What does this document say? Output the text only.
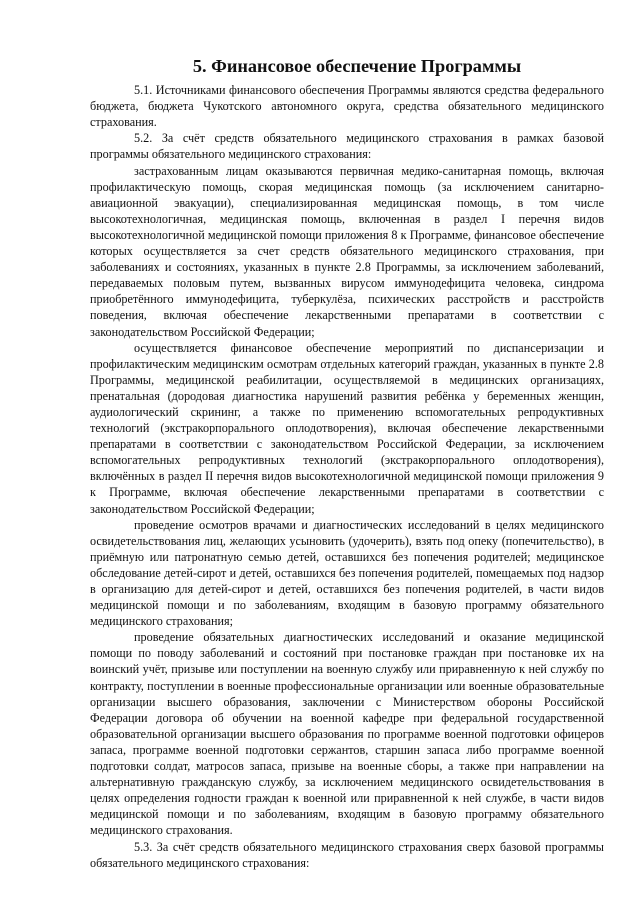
5. Финансовое обеспечение Программы

5.1. Источниками финансового обеспечения Программы являются средства федерального бюджета, бюджета Чукотского автономного округа, средства обязательного медицинского страхования.

5.2. За счёт средств обязательного медицинского страхования в рамках базовой программы обязательного медицинского страхования:

застрахованным лицам оказываются первичная медико-санитарная помощь, включая профилактическую помощь, скорая медицинская помощь (за исключением санитарно-авиационной эвакуации), специализированная медицинская помощь, в том числе высокотехнологичная, медицинская помощь, включенная в раздел I перечня видов высокотехнологичной медицинской помощи приложения 8 к Программе, финансовое обеспечение которых осуществляется за счет средств обязательного медицинского страхования, при заболеваниях и состояниях, указанных в пункте 2.8 Программы, за исключением заболеваний, передаваемых половым путем, вызванных вирусом иммунодефицита человека, синдрома приобретённого иммунодефицита, туберкулёза, психических расстройств и расстройств поведения, включая обеспечение лекарственными препаратами в соответствии с законодательством Российской Федерации;

осуществляется финансовое обеспечение мероприятий по диспансеризации и профилактическим медицинским осмотрам отдельных категорий граждан, указанных в пункте 2.8 Программы, медицинской реабилитации, осуществляемой в медицинских организациях, пренатальная (дородовая диагностика нарушений развития ребёнка у беременных женщин, аудиологический скрининг, а также по применению вспомогательных репродуктивных технологий (экстракорпорального оплодотворения), включая обеспечение лекарственными препаратами в соответствии с законодательством Российской Федерации, за исключением вспомогательных репродуктивных технологий (экстракорпорального оплодотворения), включённых в раздел II перечня видов высокотехнологичной медицинской помощи приложения 9 к Программе, включая обеспечение лекарственными препаратами в соответствии с законодательством Российской Федерации;

проведение осмотров врачами и диагностических исследований в целях медицинского освидетельствования лиц, желающих усыновить (удочерить), взять под опеку (попечительство), в приёмную или патронатную семью детей, оставшихся без попечения родителей; медицинское обследование детей-сирот и детей, оставшихся без попечения родителей, помещаемых под надзор в организацию для детей-сирот и детей, оставшихся без попечения родителей, в части видов медицинской помощи и по заболеваниям, входящим в базовую программу обязательного медицинского страхования;

проведение обязательных диагностических исследований и оказание медицинской помощи по поводу заболеваний и состояний при постановке граждан при постановке их на воинский учёт, призыве или поступлении на военную службу или приравненную к ней службу по контракту, поступлении в военные профессиональные организации или военные образовательные организации высшего образования, заключении с Министерством обороны Российской Федерации договора об обучении на военной кафедре при федеральной государственной образовательной организации высшего образования по программе военной подготовки офицеров запаса, программе военной подготовки сержантов, старшин запаса либо программе военной подготовки солдат, матросов запаса, призыве на военные сборы, а также при направлении на альтернативную гражданскую службу, за исключением медицинского освидетельствования в целях определения годности граждан к военной или приравненной к ней службе, в части видов медицинской помощи и по заболеваниям, входящим в базовую программу обязательного медицинского страхования.

5.3. За счёт средств обязательного медицинского страхования сверх базовой программы обязательного медицинского страхования:
